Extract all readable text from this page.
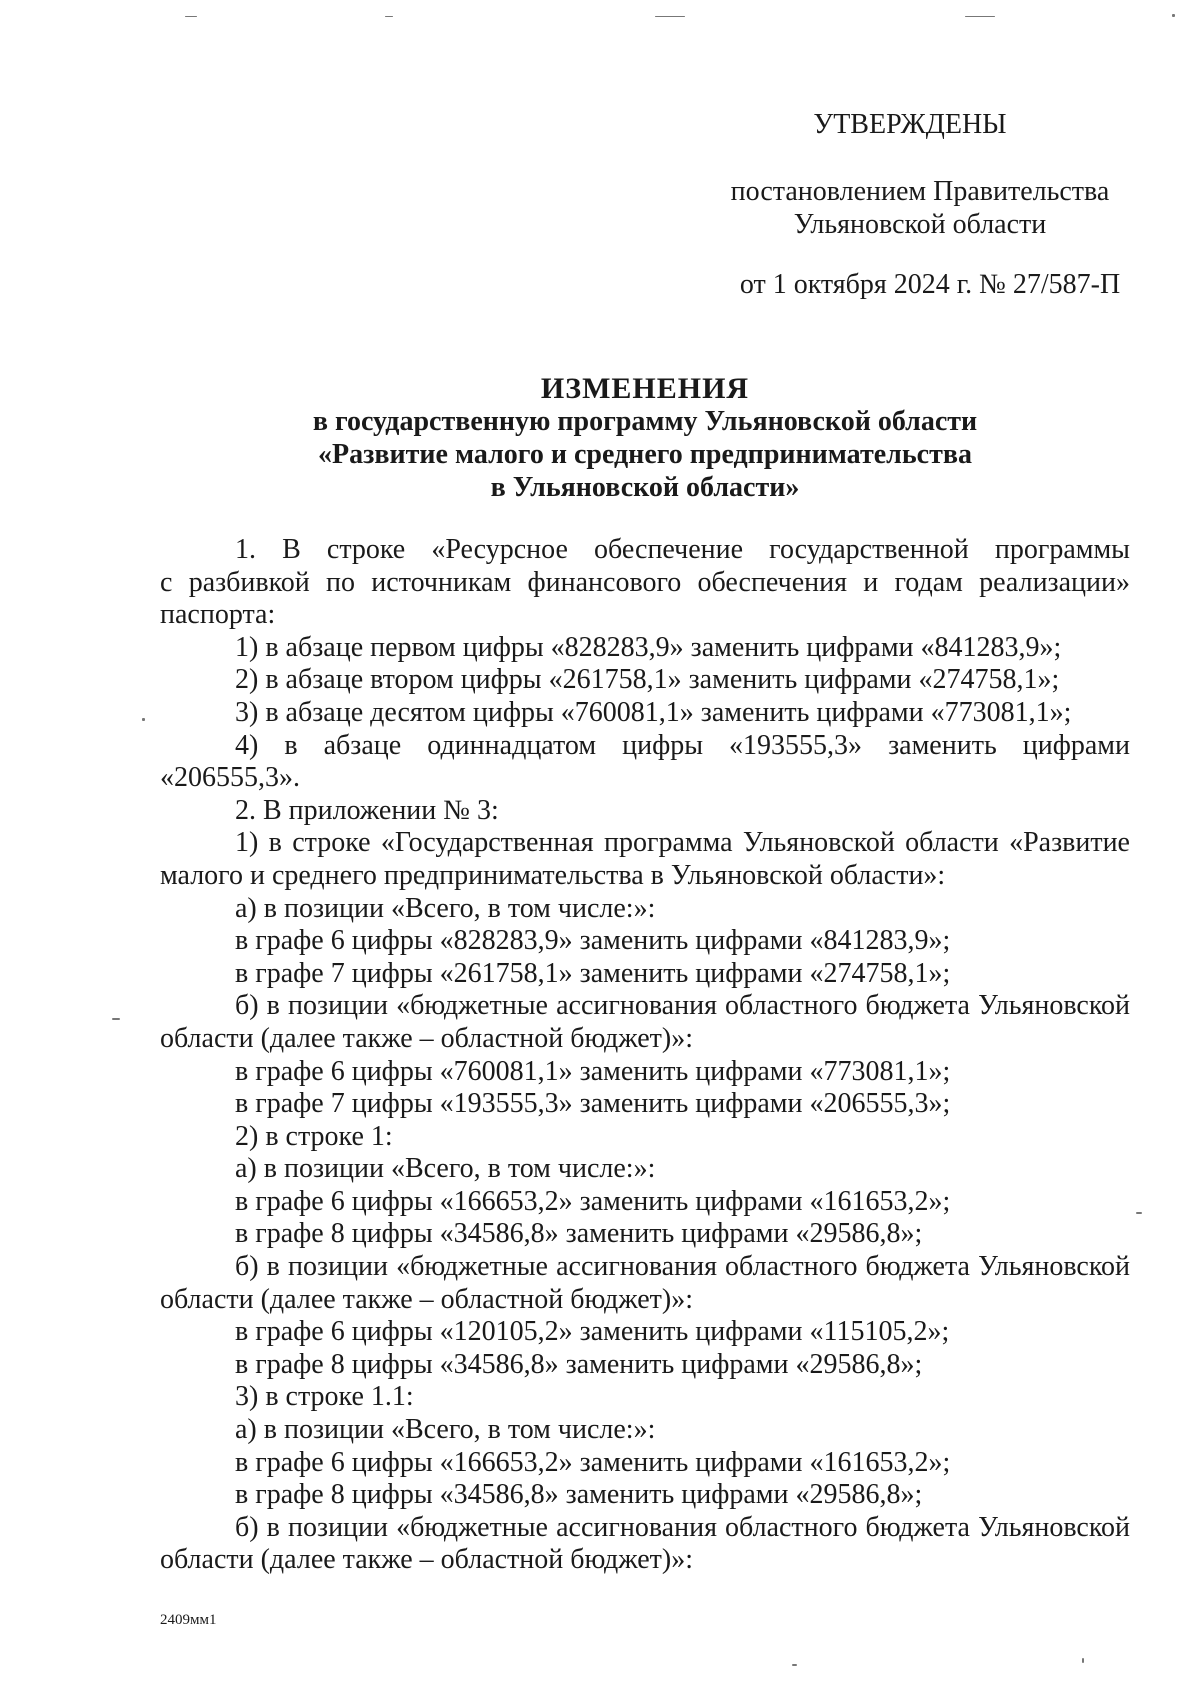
УТВЕРЖДЕНЫ
постановлением Правительства
Ульяновской области
от 1 октября 2024 г. № 27/587-П
ИЗМЕНЕНИЯ
в государственную программу Ульяновской области
«Развитие малого и среднего предпринимательства
в Ульяновской области»
1. В строке «Ресурсное обеспечение государственной программы
с разбивкой по источникам финансового обеспечения и годам реализации»
паспорта:
1) в абзаце первом цифры «828283,9» заменить цифрами «841283,9»;
2) в абзаце втором цифры «261758,1» заменить цифрами «274758,1»;
3) в абзаце десятом цифры «760081,1» заменить цифрами «773081,1»;
4) в абзаце одиннадцатом цифры «193555,3» заменить цифрами
«206555,3».
2. В приложении № 3:
1) в строке «Государственная программа Ульяновской области «Развитие
малого и среднего предпринимательства в Ульяновской области»:
а) в позиции «Всего, в том числе:»:
в графе 6 цифры «828283,9» заменить цифрами «841283,9»;
в графе 7 цифры «261758,1» заменить цифрами «274758,1»;
б) в позиции «бюджетные ассигнования областного бюджета Ульяновской
области (далее также – областной бюджет)»:
в графе 6 цифры «760081,1» заменить цифрами «773081,1»;
в графе 7 цифры «193555,3» заменить цифрами «206555,3»;
2) в строке 1:
а) в позиции «Всего, в том числе:»:
в графе 6 цифры «166653,2» заменить цифрами «161653,2»;
в графе 8 цифры «34586,8» заменить цифрами «29586,8»;
б) в позиции «бюджетные ассигнования областного бюджета Ульяновской
области (далее также – областной бюджет)»:
в графе 6 цифры «120105,2» заменить цифрами «115105,2»;
в графе 8 цифры «34586,8» заменить цифрами «29586,8»;
3) в строке 1.1:
а) в позиции «Всего, в том числе:»:
в графе 6 цифры «166653,2» заменить цифрами «161653,2»;
в графе 8 цифры «34586,8» заменить цифрами «29586,8»;
б) в позиции «бюджетные ассигнования областного бюджета Ульяновской
области (далее также – областной бюджет)»:
2409мм1
